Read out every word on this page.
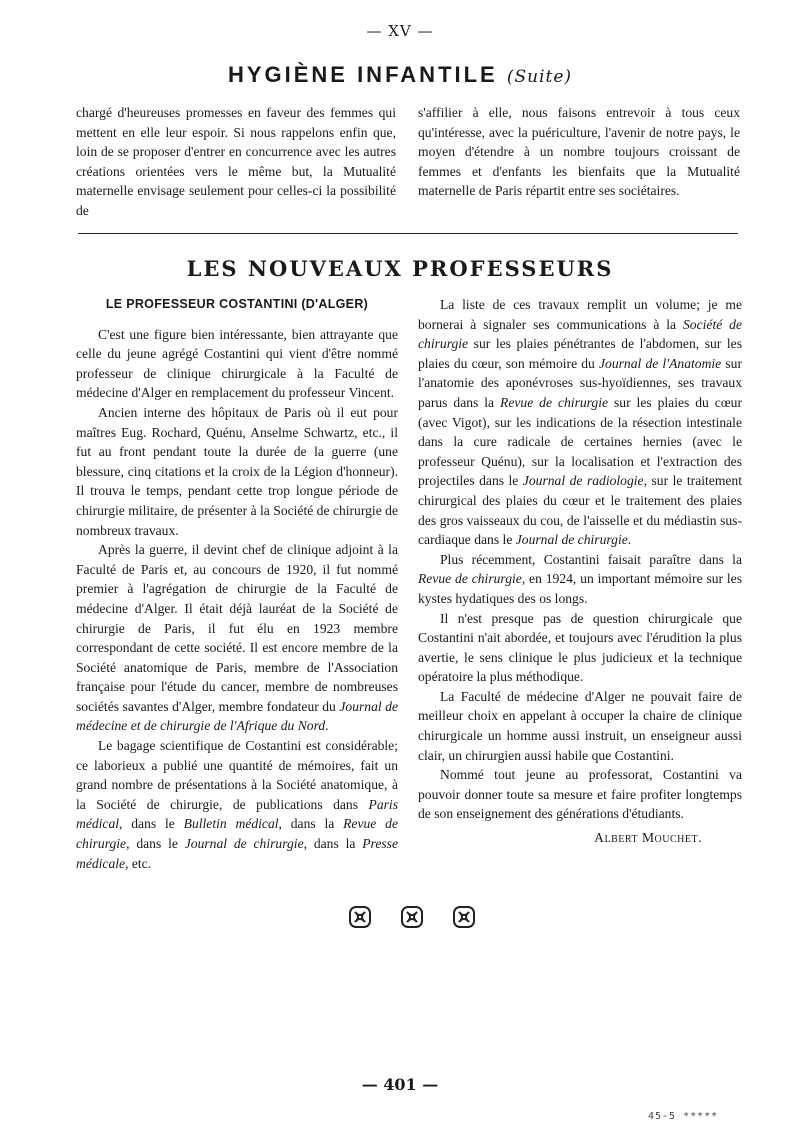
— XV —
HYGIÈNE INFANTILE (Suite)

chargé d'heureuses promesses en faveur des femmes qui mettent en elle leur espoir. Si nous rappelons enfin que, loin de se proposer d'entrer en concurrence avec les autres créations orientées vers le même but, la Mutualité maternelle envisage seulement pour celles-ci la possibilité de

s'affilier à elle, nous faisons entrevoir à tous ceux qu'intéresse, avec la puériculture, l'avenir de notre pays, le moyen d'étendre à un nombre toujours croissant de femmes et d'enfants les bienfaits que la Mutualité maternelle de Paris répartit entre ses sociétaires.

LES NOUVEAUX PROFESSEURS
LE PROFESSEUR COSTANTINI (D'ALGER)

C'est une figure bien intéressante, bien attrayante que celle du jeune agrégé Costantini qui vient d'être nommé professeur de clinique chirurgicale à la Faculté de médecine d'Alger en remplacement du professeur Vincent.

Ancien interne des hôpitaux de Paris où il eut pour maîtres Eug. Rochard, Quénu, Anselme Schwartz, etc., il fut au front pendant toute la durée de la guerre (une blessure, cinq citations et la croix de la Légion d'honneur). Il trouva le temps, pendant cette trop longue période de chirurgie militaire, de présenter à la Société de chirurgie de nombreux travaux.

Après la guerre, il devint chef de clinique adjoint à la Faculté de Paris et, au concours de 1920, il fut nommé premier à l'agrégation de chirurgie de la Faculté de médecine d'Alger. Il était déjà lauréat de la Société de chirurgie de Paris, il fut élu en 1923 membre correspondant de cette société. Il est encore membre de la Société anatomique de Paris, membre de l'Association française pour l'étude du cancer, membre de nombreuses sociétés savantes d'Alger, membre fondateur du Journal de médecine et de chirurgie de l'Afrique du Nord.

Le bagage scientifique de Costantini est considérable; ce laborieux a publié une quantité de mémoires, fait un grand nombre de présentations à la Société anatomique, à la Société de chirurgie, de publications dans Paris médical, dans le Bulletin médical, dans la Revue de chirurgie, dans le Journal de chirurgie, dans la Presse médicale, etc.

La liste de ces travaux remplit un volume; je me bornerai à signaler ses communications à la Société de chirurgie sur les plaies pénétrantes de l'abdomen, sur les plaies du cœur, son mémoire du Journal de l'Anatomie sur l'anatomie des aponévroses sus-hyoïdiennes, ses travaux parus dans la Revue de chirurgie sur les plaies du cœur (avec Vigot), sur les indications de la résection intestinale dans la cure radicale de certaines hernies (avec le professeur Quénu), sur la localisation et l'extraction des projectiles dans le Journal de radiologie, sur le traitement chirurgical des plaies du cœur et le traitement des plaies des gros vaisseaux du cou, de l'aisselle et du médiastin sus-cardiaque dans le Journal de chirurgie.

Plus récemment, Costantini faisait paraître dans la Revue de chirurgie, en 1924, un important mémoire sur les kystes hydatiques des os longs.

Il n'est presque pas de question chirurgicale que Costantini n'ait abordée, et toujours avec l'érudition la plus avertie, le sens clinique le plus judicieux et la technique opératoire la plus méthodique.

La Faculté de médecine d'Alger ne pouvait faire de meilleur choix en appelant à occuper la chaire de clinique chirurgicale un homme aussi instruit, un enseigneur aussi clair, un chirurgien aussi habile que Costantini.

Nommé tout jeune au professorat, Costantini va pouvoir donner toute sa mesure et faire profiter longtemps de son enseignement des générations d'étudiants.

Albert Mouchet.
— 401 —
45-5 *****
